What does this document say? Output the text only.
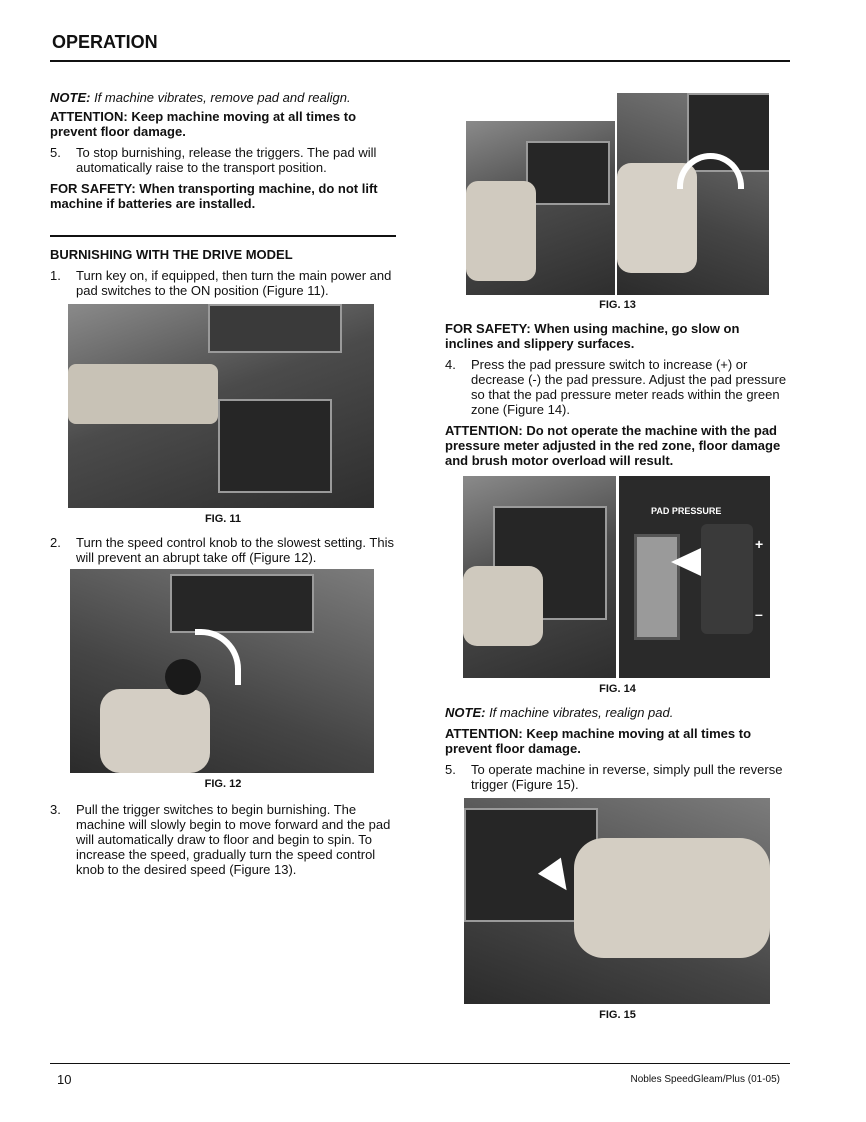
OPERATION

NOTE: If machine vibrates, remove pad and realign.

ATTENTION: Keep machine moving at all times to prevent floor damage.

5.	To stop burnishing, release the triggers. The pad will automatically raise to the transport position.

FOR SAFETY: When transporting machine, do not lift machine if batteries are installed.

BURNISHING WITH THE DRIVE MODEL

1.	Turn key on, if equipped, then turn the main power and pad switches to the ON position (Figure 11).

FIG. 11

2.	Turn the speed control knob to the slowest setting. This will prevent an abrupt take off (Figure 12).

FIG. 12

3.	Pull the trigger switches to begin burnishing. The machine will slowly begin to move forward and the pad will automatically draw to floor and begin to spin. To increase the speed, gradually turn the speed control knob to the desired speed (Figure 13).

FIG. 13

FOR SAFETY: When using machine, go slow on inclines and slippery surfaces.

4.	Press the pad pressure switch to increase (+) or decrease (-) the pad pressure. Adjust the pad pressure so that the pad pressure meter reads within the green zone (Figure 14).

ATTENTION: Do not operate the machine with the pad pressure meter adjusted in the red zone, floor damage and brush motor overload will result.

PAD PRESSURE
+
–

FIG. 14

NOTE: If machine vibrates, realign pad.

ATTENTION: Keep machine moving at all times to prevent floor damage.

5.	To operate machine in reverse, simply pull the reverse trigger (Figure 15).

FIG. 15

10	Nobles SpeedGleam/Plus (01-05)
